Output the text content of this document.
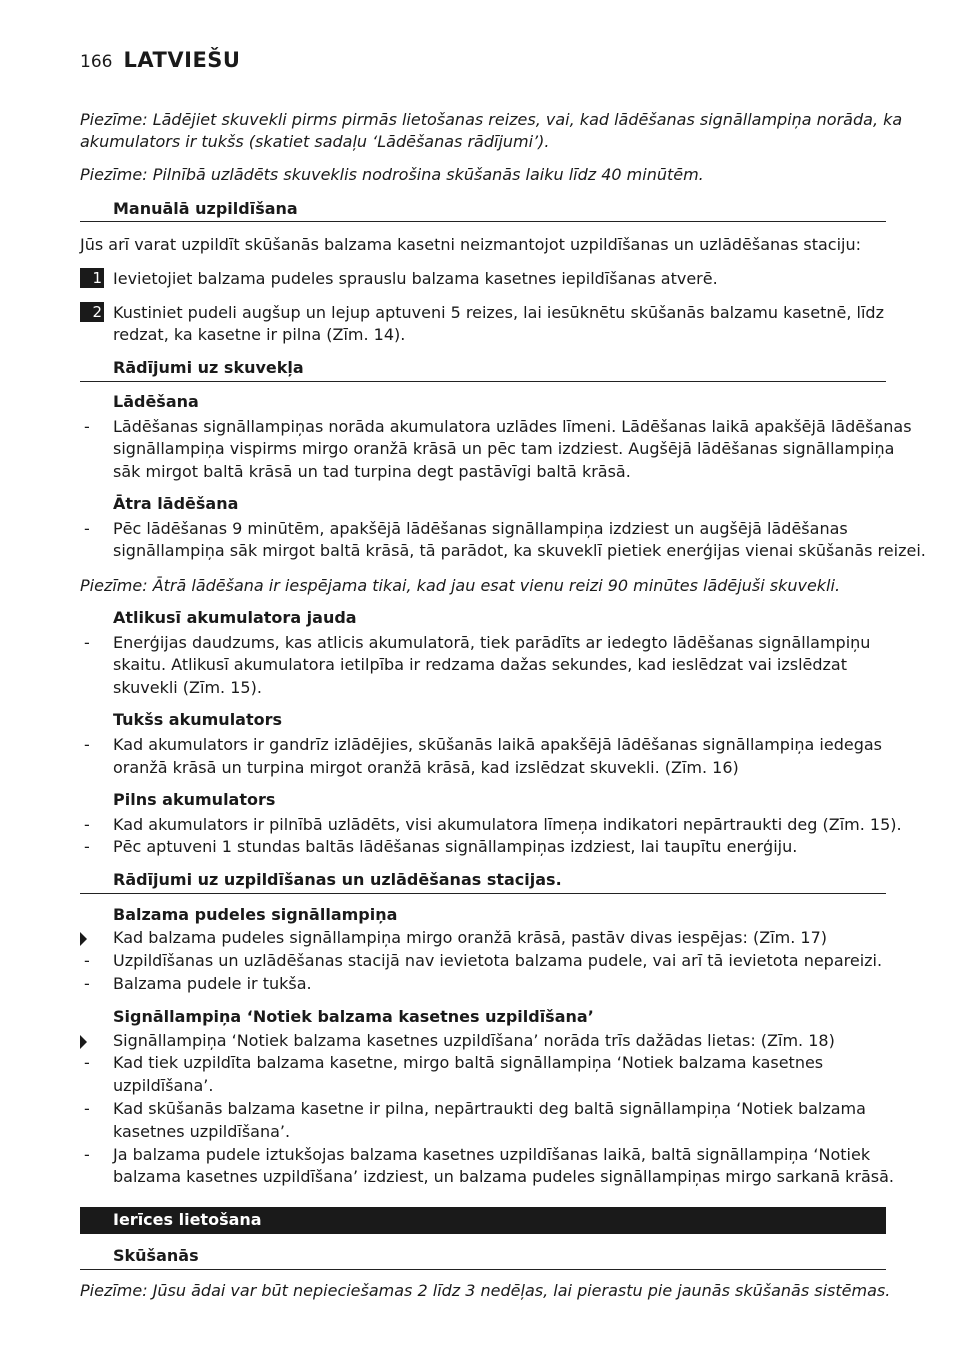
166 LATVIEŠU
Piezīme: Lādējiet skuvekli pirms pirmās lietošanas reizes, vai, kad lādēšanas signāllampiņa norāda, ka
akumulators ir tukšs (skatiet sadaļu ‘Lādēšanas rādījumi’).
Piezīme: Pilnībā uzlādēts skuveklis nodrošina skūšanās laiku līdz 40 minūtēm.
Manuālā uzpildīšana
Jūs arī varat uzpildīt skūšanās balzama kasetni neizmantojot uzpildīšanas un uzlādēšanas staciju:
1 Ievietojiet balzama pudeles sprauslu balzama kasetnes iepildīšanas atverē.
2 Kustiniet pudeli augšup un lejup aptuveni 5 reizes, lai iesūknētu skūšanās balzamu kasetnē, līdz
redzat, ka kasetne ir pilna (Zīm. 14).
Rādījumi uz skuvekļa
Lādēšana
- Lādēšanas signāllampiņas norāda akumulatora uzlādes līmeni. Lādēšanas laikā apakšējā lādēšanas
signāllampiņa vispirms mirgo oranžā krāsā un pēc tam izdziest. Augšējā lādēšanas signāllampiņa
sāk mirgot baltā krāsā un tad turpina degt pastāvīgi baltā krāsā.
Ātra lādēšana
- Pēc lādēšanas 9 minūtēm, apakšējā lādēšanas signāllampiņa izdziest un augšējā lādēšanas
signāllampiņa sāk mirgot baltā krāsā, tā parādot, ka skuveklī pietiek enerģijas vienai skūšanās reizei.
Piezīme: Ātrā lādēšana ir iespējama tikai, kad jau esat vienu reizi 90 minūtes lādējuši skuvekli.
Atlikusī akumulatora jauda
- Enerģijas daudzums, kas atlicis akumulatorā, tiek parādīts ar iedegto lādēšanas signāllampiņu
skaitu. Atlikusī akumulatora ietilpība ir redzama dažas sekundes, kad ieslēdzat vai izslēdzat
skuvekli (Zīm. 15).
Tukšs akumulators
- Kad akumulators ir gandrīz izlādējies, skūšanās laikā apakšējā lādēšanas signāllampiņa iedegas
oranžā krāsā un turpina mirgot oranžā krāsā, kad izslēdzat skuvekli. (Zīm. 16)
Pilns akumulators
- Kad akumulators ir pilnībā uzlādēts, visi akumulatora līmeņa indikatori nepārtraukti deg (Zīm. 15).
- Pēc aptuveni 1 stundas baltās lādēšanas signāllampiņas izdziest, lai taupītu enerģiju.
Rādījumi uz uzpildīšanas un uzlādēšanas stacijas.
Balzama pudeles signāllampiņa
Kad balzama pudeles signāllampiņa mirgo oranžā krāsā, pastāv divas iespējas: (Zīm. 17)
- Uzpildīšanas un uzlādēšanas stacijā nav ievietota balzama pudele, vai arī tā ievietota nepareizi.
- Balzama pudele ir tukša.
Signāllampiņa ‘Notiek balzama kasetnes uzpildīšana’
Signāllampiņa ‘Notiek balzama kasetnes uzpildīšana’ norāda trīs dažādas lietas: (Zīm. 18)
- Kad tiek uzpildīta balzama kasetne, mirgo baltā signāllampiņa ‘Notiek balzama kasetnes
uzpildīšana’.
- Kad skūšanās balzama kasetne ir pilna, nepārtraukti deg baltā signāllampiņa ‘Notiek balzama
kasetnes uzpildīšana’.
- Ja balzama pudele iztukšojas balzama kasetnes uzpildīšanas laikā, baltā signāllampiņa ‘Notiek
balzama kasetnes uzpildīšana’ izdziest, un balzama pudeles signāllampiņas mirgo sarkanā krāsā.
Ierīces lietošana
Skūšanās
Piezīme: Jūsu ādai var būt nepieciešamas 2 līdz 3 nedēļas, lai pierastu pie jaunās skūšanās sistēmas.
